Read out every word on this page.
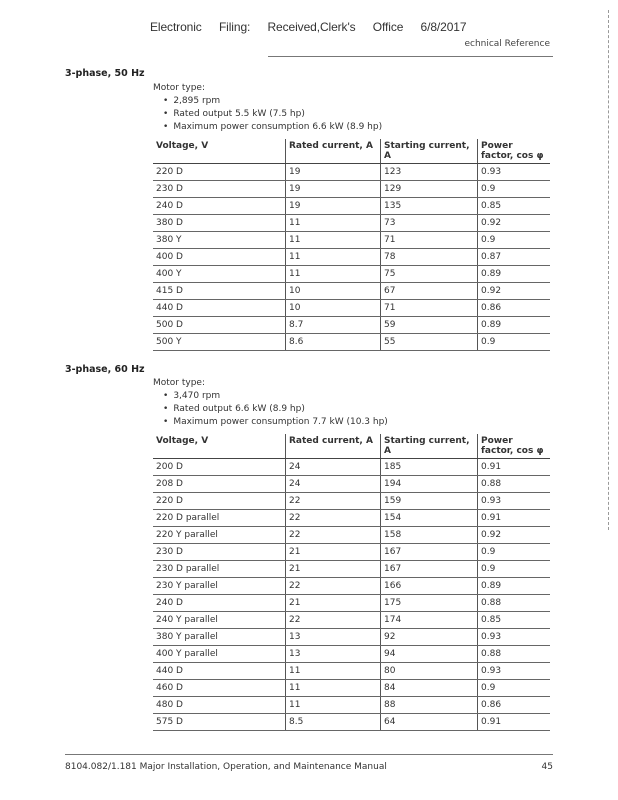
Electronic Filing: Received,Clerk's Office 6/8/2017
echnical Reference
3-phase, 50 Hz
Motor type:
• 2,895 rpm
• Rated output 5.5 kW (7.5 hp)
• Maximum power consumption 6.6 kW (8.9 hp)
Voltage, V	Rated current, A	Starting current, A	Power factor, cos φ
220 D	19	123	0.93
230 D	19	129	0.9
240 D	19	135	0.85
380 D	11	73	0.92
380 Y	11	71	0.9
400 D	11	78	0.87
400 Y	11	75	0.89
415 D	10	67	0.92
440 D	10	71	0.86
500 D	8.7	59	0.89
500 Y	8.6	55	0.9
3-phase, 60 Hz
Motor type:
• 3,470 rpm
• Rated output 6.6 kW (8.9 hp)
• Maximum power consumption 7.7 kW (10.3 hp)
Voltage, V	Rated current, A	Starting current, A	Power factor, cos φ
200 D	24	185	0.91
208 D	24	194	0.88
220 D	22	159	0.93
220 D parallel	22	154	0.91
220 Y parallel	22	158	0.92
230 D	21	167	0.9
230 D parallel	21	167	0.9
230 Y parallel	22	166	0.89
240 D	21	175	0.88
240 Y parallel	22	174	0.85
380 Y parallel	13	92	0.93
400 Y parallel	13	94	0.88
440 D	11	80	0.93
460 D	11	84	0.9
480 D	11	88	0.86
575 D	8.5	64	0.91
8104.082/1.181 Major Installation, Operation, and Maintenance Manual	45
